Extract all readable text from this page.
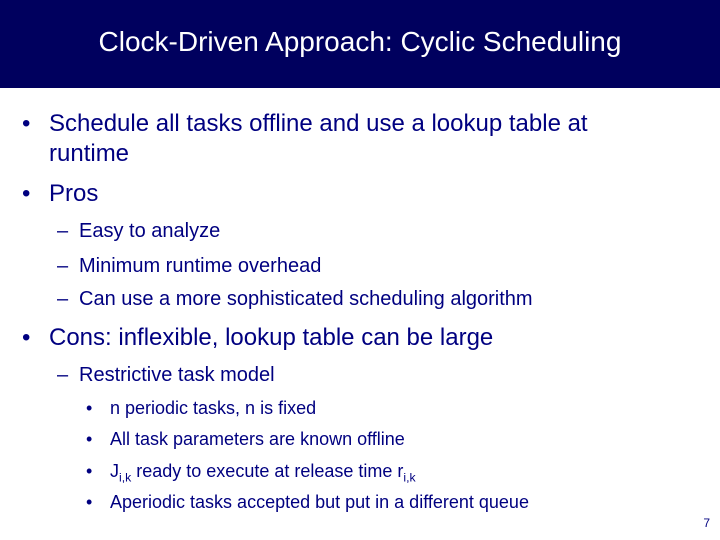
Clock-Driven Approach: Cyclic Scheduling
• Schedule all tasks offline and use a lookup table at
runtime
• Pros
– Easy to analyze
– Minimum runtime overhead
– Can use a more sophisticated scheduling algorithm
• Cons: inflexible, lookup table can be large
– Restrictive task model
• n periodic tasks, n is fixed
• All task parameters are known offline
• $J_{i,k}$ ready to execute at release time $r_{i,k}$
• Aperiodic tasks accepted but put in a different queue
7
